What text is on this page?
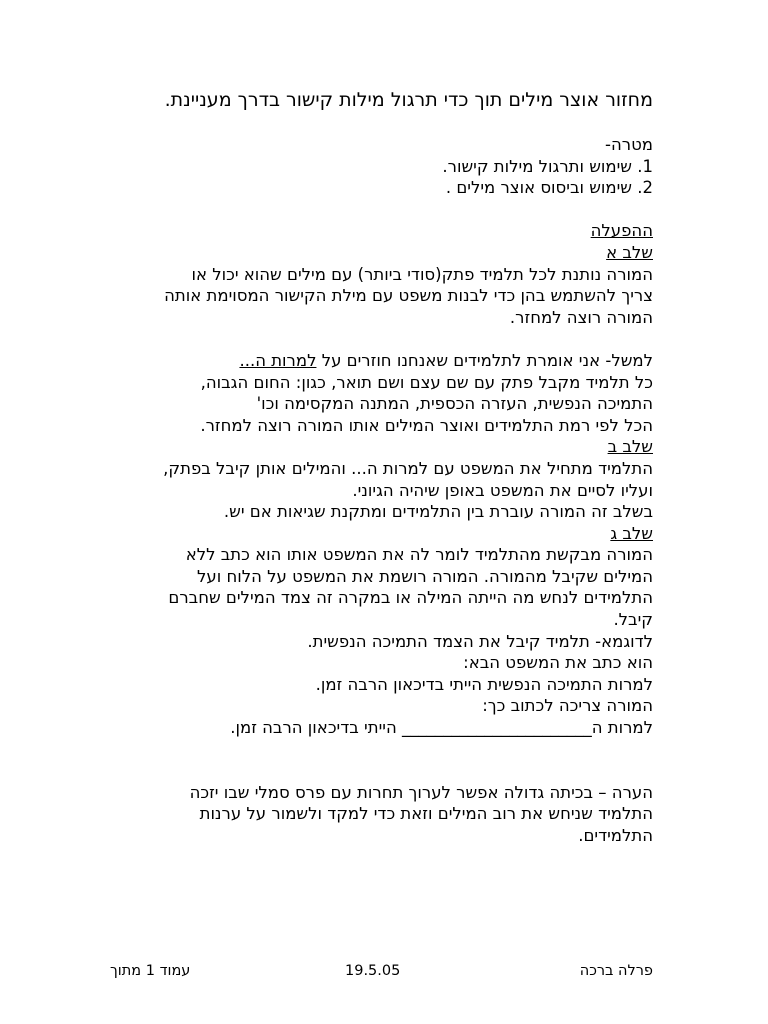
מחזור אוצר מילים תוך כדי תרגול מילות קישור בדרך מעניינת.
מטרה-
1. שימוש ותרגול מילות קישור.
2. שימוש וביסוס אוצר מילים .
ההפעלה
שלב א
המורה נותנת לכל תלמיד פתק(סודי ביותר) עם מילים שהוא יכול או
צריך להשתמש בהן כדי לבנות משפט עם מילת הקישור המסוימת אותה
המורה רוצה למחזר.
למשל- אני אומרת לתלמידים שאנחנו חוזרים על למרות ה...
כל תלמיד מקבל פתק עם שם עצם ושם תואר, כגון: החום הגבוה,
התמיכה הנפשית, העזרה הכספית, המתנה המקסימה וכו'
הכל לפי רמת התלמידים ואוצר המילים אותו המורה רוצה למחזר.
שלב ב
התלמיד מתחיל את המשפט עם למרות ה... והמילים אותן קיבל בפתק,
ועליו לסיים את המשפט באופן שיהיה הגיוני.
בשלב זה המורה עוברת בין התלמידים ומתקנת שגיאות אם יש.
שלב ג
המורה מבקשת מהתלמיד לומר לה את המשפט אותו הוא כתב ללא
המילים שקיבל מהמורה. המורה רושמת את המשפט על הלוח ועל
התלמידים לנחש מה הייתה המילה או במקרה זה צמד המילים שחברם
קיבל.
לדוגמא- תלמיד קיבל את הצמד התמיכה הנפשית.
הוא כתב את המשפט הבא:
למרות התמיכה הנפשית הייתי בדיכאון הרבה זמן.
המורה צריכה לכתוב כך:
למרות ה_______________________ הייתי בדיכאון הרבה זמן.
הערה – בכיתה גדולה אפשר לערוך תחרות עם פרס סמלי שבו יזכה
התלמיד שניחש את רוב המילים וזאת כדי למקד ולשמור על ערנות
התלמידים.
פרלה ברכה
19.5.05
עמוד 1 מתוך
